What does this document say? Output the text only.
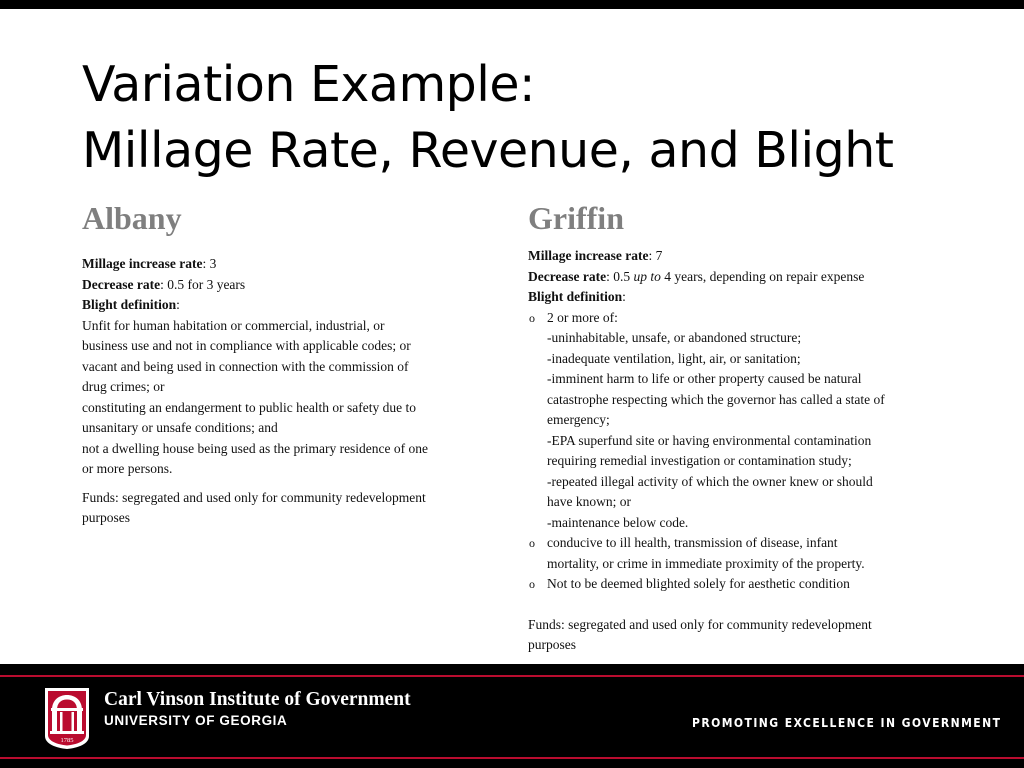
Variation Example:
Millage Rate, Revenue, and Blight
Albany
Millage increase rate: 3
Decrease rate: 0.5 for 3 years
Blight definition:
Unfit for human habitation or commercial, industrial, or
business use and not in compliance with applicable codes; or
vacant and being used in connection with the commission of
drug crimes; or
constituting an endangerment to public health or safety due to
unsanitary or unsafe conditions; and
not a dwelling house being used as the primary residence of one
or more persons.
Funds: segregated and used only for community redevelopment
purposes
Griffin
Millage increase rate: 7
Decrease rate: 0.5 up to 4 years, depending on repair expense
Blight definition:
o 2 or more of:
-uninhabitable, unsafe, or abandoned structure;
-inadequate ventilation, light, air, or sanitation;
-imminent harm to life or other property caused be natural
catastrophe respecting which the governor has called a state of
emergency;
-EPA superfund site or having environmental contamination
requiring remedial investigation or contamination study;
-repeated illegal activity of which the owner knew or should
have known; or
-maintenance below code.
o conducive to ill health, transmission of disease, infant
mortality, or crime in immediate proximity of the property.
o Not to be deemed blighted solely for aesthetic condition
Funds: segregated and used only for community redevelopment
purposes
1785
Carl Vinson Institute of Government
UNIVERSITY OF GEORGIA	PROMOTING EXCELLENCE IN GOVERNMENT
